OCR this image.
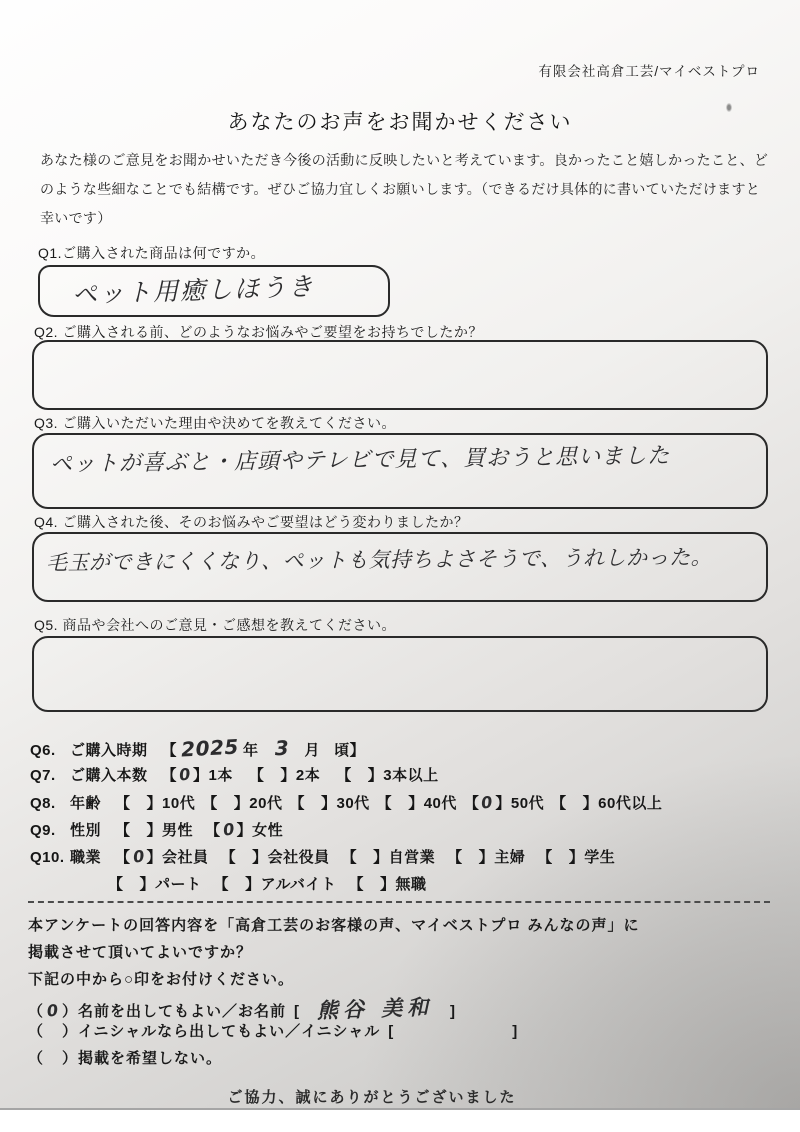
有限会社高倉工芸/マイベストプロ
あなたのお声をお聞かせください
あなた様のご意見をお聞かせいただき今後の活動に反映したいと考えています。良かったこと嬉しかったこと、どのような些細なことでも結構です。ぜひご協力宜しくお願いします。（できるだけ具体的に書いていただけますと幸いです）
Q1.ご購入された商品は何ですか。
ペット用癒しほうき
Q2. ご購入される前、どのようなお悩みやご要望をお持ちでしたか？
Q3. ご購入いただいた理由や決めてを教えてください。
ペットが喜ぶと・店頭やテレビで見て、買おうと思いました
Q4. ご購入された後、そのお悩みやご要望はどう変わりましたか？
毛玉ができにくくなり、ペットも気持ちよさそうで、うれしかった。
Q5. 商品や会社へのご意見・ご感想を教えてください。
Q6. ご購入時期 【 2025 年 3 月 頃】
Q7. ご購入本数 【0】1本 【 】2本 【 】3本以上
Q8. 年齢 【 】10代 【 】20代 【 】30代 【 】40代 【0】50代 【 】60代以上
Q9. 性別 【 】男性 【0】女性
Q10. 職業 【0】会社員 【 】会社役員 【 】自営業 【 】主婦 【 】学生
【 】パート 【 】アルバイト 【 】無職
本アンケートの回答内容を「高倉工芸のお客様の声、マイベストプロ みんなの声」に
掲載させて頂いてよいですか？
下記の中から○印をお付けください。
（ 0 ）名前を出してもよい／お名前 [ 熊谷 美和 ]
（ ）イニシャルなら出してもよい／イニシャル [	]
（ ）掲載を希望しない。
ご協力、誠にありがとうございました
